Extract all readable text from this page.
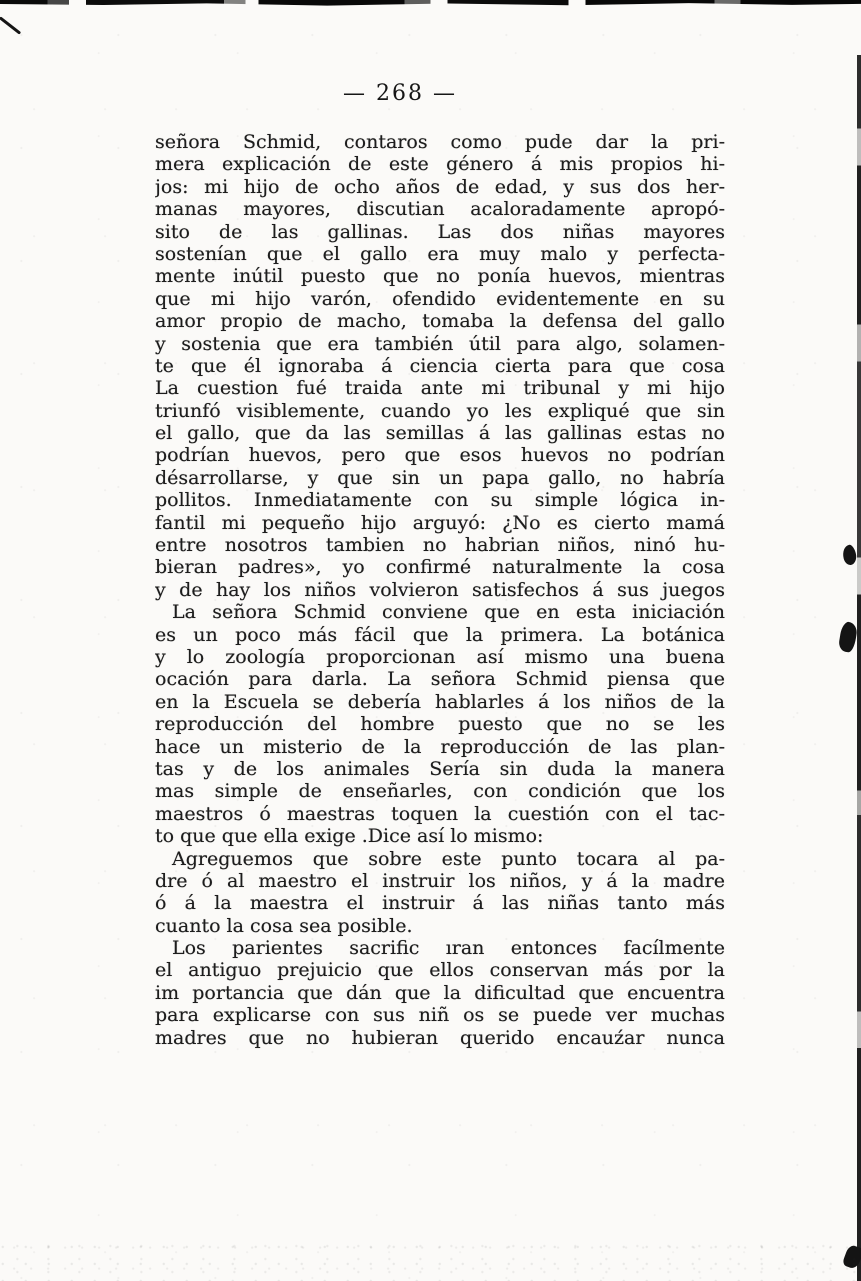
— 268 —
señora Schmid, contaros como pude dar la pri-
mera explicación de este género á mis propios hi-
jos: mi hijo de ocho años de edad, y sus dos her-
manas mayores, discutian acaloradamente apropó-
sito de las gallinas. Las dos niñas mayores
sostenían que el gallo era muy malo y perfecta-
mente inútil puesto que no ponía huevos, mientras
que mi hijo varón, ofendido evidentemente en su
amor propio de macho, tomaba la defensa del gallo
y sostenia que era también útil para algo, solamen-
te que él ignoraba á ciencia cierta para que cosa
La cuestion fué traida ante mi tribunal y mi hijo
triunfó visiblemente, cuando yo les expliqué que sin
el gallo, que da las semillas á las gallinas estas no
podrían huevos, pero que esos huevos no podrían
désarrollarse, y que sin un papa gallo, no habría
pollitos. Inmediatamente con su simple lógica in-
fantil mi pequeño hijo arguyó: ¿No es cierto mamá
entre nosotros tambien no habrian niños, ninó hu-
bieran padres», yo confirmé naturalmente la cosa
y de hay los niños volvieron satisfechos á sus juegos
La señora Schmid conviene que en esta iniciación
es un poco más fácil que la primera. La botánica
y lo zoología proporcionan así mismo una buena
ocación para darla. La señora Schmid piensa que
en la Escuela se debería hablarles á los niños de la
reproducción del hombre puesto que no se les
hace un misterio de la reproducción de las plan-
tas y de los animales Sería sin duda la manera
mas simple de enseñarles, con condición que los
maestros ó maestras toquen la cuestión con el tac-
to que que ella exige .Dice así lo mismo:
Agreguemos que sobre este punto tocara al pa-
dre ó al maestro el instruir los niños, y á la madre
ó á la maestra el instruir á las niñas tanto más
cuanto la cosa sea posible.
Los parientes sacrific ıran entonces facílmente
el antiguo prejuicio que ellos conservan más por la
im portancia que dán que la dificultad que encuentra
para explicarse con sus niñ os se puede ver muchas
madres que no hubieran querido encauźar nunca
